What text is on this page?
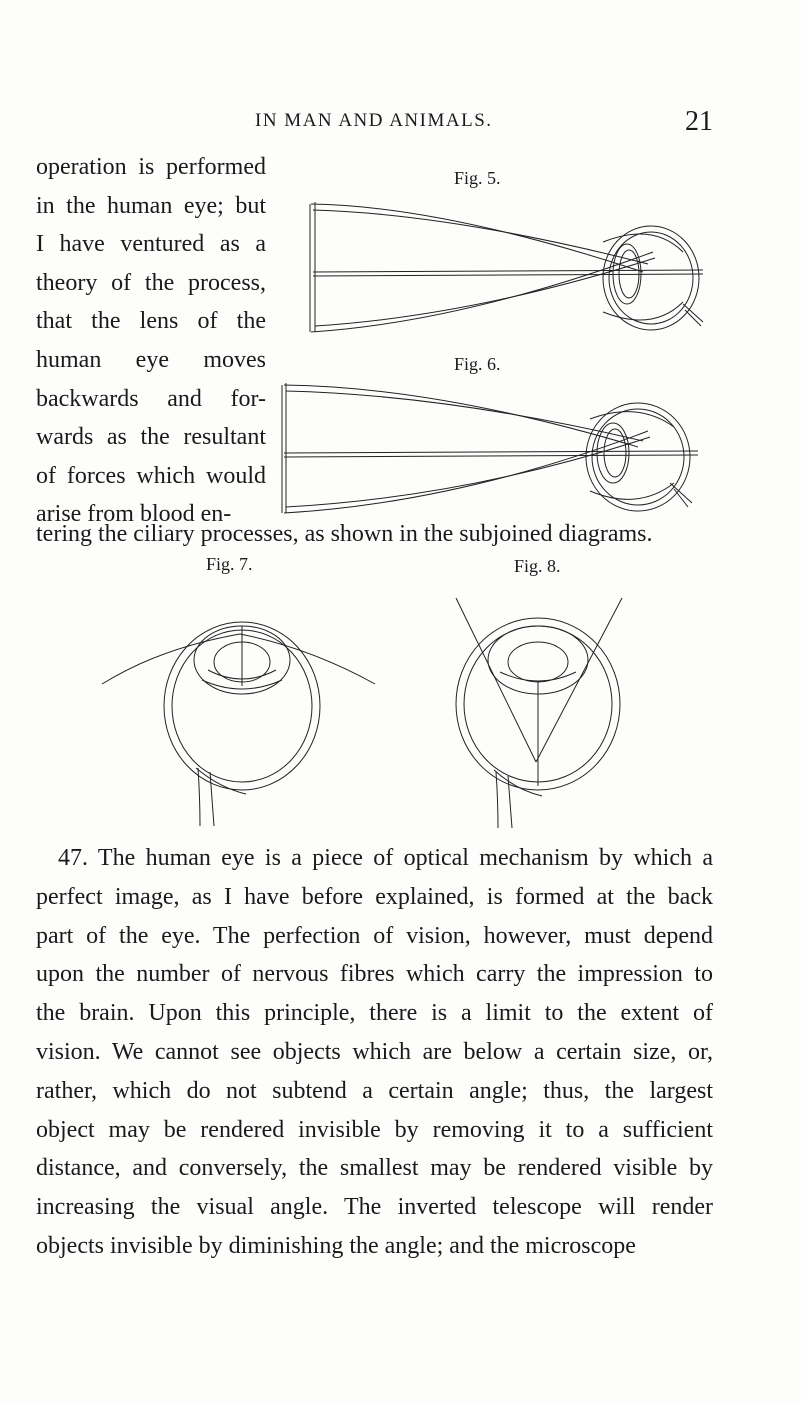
IN MAN AND ANIMALS.	21
operation is performed
in the human eye; but
I have ventured as a
theory of the process,
that the lens of the
human eye moves
backwards and for-
wards as the resultant
of forces which would
arise from blood en-
Fig. 5.
Fig. 6.
tering the ciliary processes, as shown in the subjoined diagrams.
Fig. 7.	Fig. 8.
47. The human eye is a piece of optical mechanism by which a
perfect image, as I have before explained, is formed at the back
part of the eye. The perfection of vision, however, must depend
upon the number of nervous fibres which carry the impression to
the brain. Upon this principle, there is a limit to the extent of
vision. We cannot see objects which are below a certain size, or,
rather, which do not subtend a certain angle; thus, the largest
object may be rendered invisible by removing it to a sufficient
distance, and conversely, the smallest may be rendered visible by
increasing the visual angle. The inverted telescope will render
objects invisible by diminishing the angle; and the microscope
